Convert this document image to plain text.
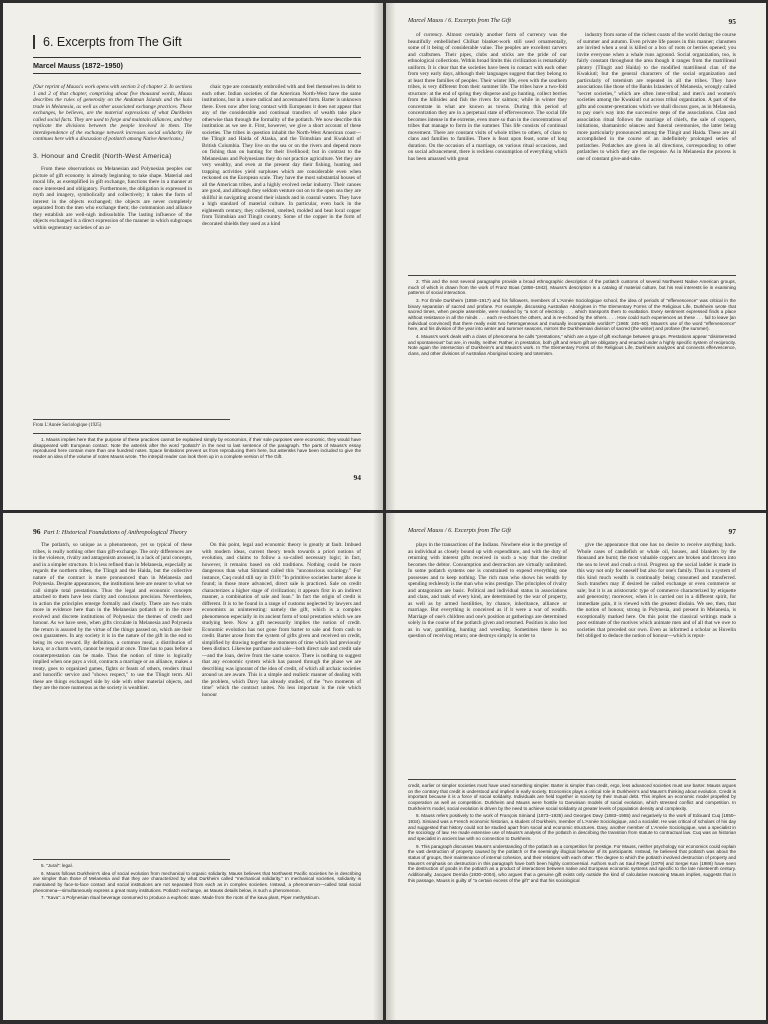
6. Excerpts from The Gift
Marcel Mauss (1872–1950)
[Our reprint of Mauss's work opens with section 3 of chapter 2. In sections 1 and 2 of that chapter, comprising about five thousand words, Mauss describes the rules of generosity on the Andaman Islands and the kula trade in Melanesia, as well as other associated exchange practices. These exchanges, he believes, are the material expressions of what Durkheim called social facts. They are used to forge and maintain alliances, and they replicate the divisions between the people involved in them. The interdependence of the exchange network increases social solidarity. He continues here with a discussion of potlatch among Native Americans.]
3. Honour and Credit (North-West America)

From these observations on Melanesian and Polynesian peoples our picture of gift economy is already beginning to take shape. Material and moral life, as exemplified in gift exchange, functions there in a manner at once interested and obligatory. Furthermore, the obligation is expressed in myth and imagery, symbolically and collectively; it takes the form of interest in the objects exchanged; the objects are never completely separated from the men who exchange them; the communion and alliance they establish are well-nigh indissoluble. The lasting influence of the objects exchanged is a direct expression of the manner in which subgroups within segmentary societies of an ar-

chaic type are constantly embroiled with and feel themselves in debt to each other. Indian societies of the American North-West have the same institutions, but in a more radical and accentuated form. Barter is unknown there. Even now after long contact with Europeans it does not appear that any of the considerable and continual transfers of wealth take place otherwise than through the formality of the potlatch. We now describe this institution as we see it. First, however, we give a short account of these societies. The tribes in question inhabit the North-West American coast—the Tlingit and Haida of Alaska, and the Tsimshian and Kwakiutl of British Columbia. They live on the sea or on the rivers and depend more on fishing than on hunting for their livelihood; but in contrast to the Melanesians and Polynesians they do not practice agriculture. Yet they are very wealthy, and even at the present day their fishing, hunting and trapping activities yield surpluses which are considerable even when reckoned on the European scale. They have the most substantial houses of all the American tribes, and a highly evolved cedar industry. Their canoes are good, and although they seldom venture out on to the open sea they are skillful in navigating around their islands and in coastal waters. They have a high standard of material culture. In particular, even back in the eighteenth century, they collected, smelted, molded and beat local copper from Tsimshian and Tlingit country. Some of the copper in the form of decorated shields they used as a kind

From L'Année Sociologique (1925)

1. Mauss implies here that the purpose of these practices cannot be explained simply by economics, if their sole purposes were economic, they would have disappeared with European contact. Note the asterisk after the word "potlatch" in the next to last sentence of the paragraph. The parts of Mauss's essay reproduced here contain more than one hundred notes. Space limitations prevent us from reproducing them here, but asterisks have been included to give the reader an idea of the volume of notes Mauss wrote. The intrepid reader can look them up in a complete version of The Gift.

94
Marcel Mauss / 6. Excerpts from The Gift	95

of currency. Almost certainly another form of currency was the beautifully embellished Chilkat blanket-work still used ornamentally, some of it being of considerable value. The peoples are excellent carvers and craftsmen. Their pipes, clubs and sticks are the pride of our ethnological collections. Within broad limits this civilization is remarkably uniform. It is clear that the societies have been in contact with each other from very early days, although their languages suggest that they belong to at least three families of peoples. Their winter life, even with the southern tribes, is very different from their summer life. The tribes have a two-fold structure: at the end of spring they disperse and go hunting, collect berries from the hillsides and fish the rivers for salmon; while in winter they concentrate in what are known as towns. During this period of concentration they are in a perpetual state of effervescence. The social life becomes intense in the extreme, even more so than in the concentrations of tribes that manage to form in the summer. This life consists of continual movement. There are constant visits of whole tribes to others, of clans to clans and families to families. There is feast upon feast, some of long duration. On the occasion of a marriage, on various ritual occasions, and on social advancement, there is reckless consumption of everything which has been amassed with great

industry from some of the richest coasts of the world during the course of summer and autumn. Even private life passes in this manner; clansmen are invited when a seal is killed or a box of roots or berries opened; you invite everyone when a whale runs aground. Social organization, too, is fairly constant throughout the area though it ranges from the matrilineal phratry (Tlingit and Haida) to the modified matrilineal clan of the Kwakiutl; but the general characters of the social organization and particularly of totemism are repeated in all the tribes. They have associations like those of the Banks Islanders of Melanesia, wrongly called "secret societies," which are often inter-tribal; and men's and women's societies among the Kwakiutl cut across tribal organization. A part of the gifts and counter-prestations which we shall discuss goes, as in Melanesia, to pay one's way into the successive steps of the associations. Clan and association ritual follows the marriage of chiefs, the sale of coppers, initiations, shamanistic séances and funeral ceremonies, the latter being more particularly pronounced among the Tlingit and Haida. These are all accomplished in the course of an indefinitely prolonged series of potlatches. Potlatches are given in all directions, corresponding to other potlatches to which they are the response. As in Melanesia the process is one of constant give-and-take.

2. This and the next several paragraphs provide a broad ethnographic description of the potlatch customs of several Northwest Native American groups, much of which is drawn from the work of Franz Boas (1858–1942). Mauss's description is a catalog of material culture, but his real interests lie in examining patterns of social interaction.

3. For Émile Durkheim (1858–1917) and his followers, members of L'Année Sociologique school, the idea of periods of "effervescence" was critical in the binary separation of sacred and profane. For example, discussing Australian Aborigines in The Elementary Forms of the Religious Life, Durkheim wrote that sacred times, when people assemble, were marked by "a sort of electricity . . . which transports them to exaltation. Every sentiment expressed finds a place without resistance in all the minds . . . each re-echoes the others, and is re-echoed by the others. . . . How could such experiences as these . . . fail to leave [an individual convinced] that there really exist two heterogeneous and mutually incomparable worlds?" (1965: 245–50). Mauss's use of the word "effervescence" here, and his division of the year into winter and summer seasons, mirrors the Durkheimian division of sacred (the winter) and profane (the summer).

4. Mauss's work deals with a class of phenomena he calls "prestations," which are a type of gift exchange between groups. Prestations appear "disinterested and spontaneous" but are, in reality, neither. Rather, in prestation, both gift and return gift are obligatory and enacted under a highly specific system of reciprocity. Note again the intersection of Durkheim's and Mauss's work. In The Elementary Forms of the Religious Life, Durkheim analyzes and connects effervescence, clans, and other divisions of Australian Aboriginal society and totemism.

96 Part I: Historical Foundations of Anthropological Theory

The potlatch, so unique as a phenomenon, yet so typical of these tribes, is really nothing other than gift-exchange. The only differences are in the violence, rivalry and antagonism aroused, in a lack of jural concepts, and in a simpler structure. It is less refined than in Melanesia, especially as regards the northern tribes, the Tlingit and the Haida, but the collective nature of the contract is more pronounced than in Melanesia and Polynesia. Despite appearances, the institutions here are nearer to what we call simple total prestations. Thus the legal and economic concepts attached to them have less clarity and conscious precision. Nevertheless, in action the principles emerge formally and clearly. There are two traits more in evidence here than in the Melanesian potlatch or in the more evolved and discrete institutions of Polynesia: the themes of credit and honour. As we have seen, when gifts circulate in Melanesia and Polynesia the return is assured by the virtue of the things passed on, which are their own guarantees. In any society it is in the nature of the gift in the end to being its own reward. By definition, a common meal, a distribution of kava, or a charm worn, cannot be repaid at once. Time has to pass before a counterprestation can be made. Thus the notion of time is logically implied when one pays a visit, contracts a marriage or an alliance, makes a treaty, goes to organized games, fights or feasts of others, renders ritual and honorific service and "shows respect," to use the Tlingit term. All these are things exchanged side by side with other material objects, and they are the more numerous as the society is wealthier.

On this point, legal and economic theory is greatly at fault. Imbued with modern ideas, current theory tends towards a priori notions of evolution, and claims to follow a so-called necessary logic; in fact, however, it remains based on old traditions. Nothing could be more dangerous than what Simiand called this "unconscious sociology." For instance, Cuq could still say in 1910: "In primitive societies barter alone is found; in those more advanced, direct sale is practiced. Sale on credit characterizes a higher stage of civilization; it appears first in an indirect manner, a combination of sale and loan." In fact the origin of credit is different. It is to be found in a range of customs neglected by lawyers and economists as uninteresting: namely the gift, which is a complex phenomenon especially in its ancient form of total prestation which we are studying here. Now a gift necessarily implies the notion of credit. Economic evolution has not gone from barter to sale and from cash to credit. Barter arose from the system of gifts given and received on credit, simplified by drawing together the moments of time which had previously been distinct. Likewise purchase and sale—both direct sale and credit sale—and the loan, derive from the same source. There is nothing to suggest that any economic system which has passed through the phase we are describing was ignorant of the idea of credit, of which all archaic societies around us are aware. This is a simple and realistic manner of dealing with the problem, which Davy has already studied, of the "two moments of time" which the contract unites. No less important is the role which honour

5. "Jural": legal.

6. Mauss follows Durkheim's idea of social evolution from mechanical to organic solidarity. Mauss believes that Northwest Pacific societies he is describing are simpler than those of Melanesia and that they are characterized by what Durkheim called "mechanical solidarity." In mechanical societies, solidarity is maintained by face-to-face contact and social institutions are not separated from each as in complex societies. Instead, a phenomenon—called total social phenomena—simultaneously express a great many institutions. Potlatch exchange, as Mauss details below, is such a phenomenon.

7. "Kava": a Polynesian ritual beverage consumed to produce a euphoric state. Made from the roots of the kava plant, Piper methysticum.

Marcel Mauss / 6. Excerpts from The Gift	97

plays in the transactions of the Indians. Nowhere else is the prestige of an individual as closely bound up with expenditure, and with the duty of returning with interest gifts received in such a way that the creditor becomes the debtor. Consumption and destruction are virtually unlimited. In some potlatch systems one is constrained to expend everything one possesses and to keep nothing. The rich man who shows his wealth by spending recklessly is the man who wins prestige. The principles of rivalry and antagonism are basic. Political and individual status in associations and clans, and rank of every kind, are determined by the war of property, as well as by armed hostilities, by chance, inheritance, alliance or marriage. But everything is conceived as if it were a war of wealth. Marriage of one's children and one's position at gatherings are determined solely in the course of the potlatch given and returned. Position is also lost as in war, gambling, hunting and wrestling. Sometimes there is no question of receiving return; one destroys simply in order to

give the appearance that one has no desire to receive anything back. Whole cases of candlefish or whale oil, houses, and blankets by the thousand are burnt; the most valuable coppers are broken and thrown into the sea to level and crush a rival. Progress up the social ladder is made in this way not only for oneself but also for one's family. Thus in a system of this kind much wealth is continually being consumed and transferred. Such transfers may if desired be called exchange or even commerce or sale; but it is an aristocratic type of commerce characterized by etiquette and generosity; moreover, when it is carried out in a different spirit, for immediate gain, it is viewed with the greatest disdain. We see, then, that the notion of honour, strong in Polynesia, and present in Melanesia, is exceptionally marked here. On this point the classical writings made a poor estimate of the motives which animate men and of all that we owe to societies that preceded our own. Even as informed a scholar as Huvelin felt obliged to deduce the notion of honour—which is reput-

credit, earlier or simpler societies must have used something simpler. Barter is simpler than credit, ergo, less advanced societies must use barter. Mauss argues on the contrary that credit is understood and implied in early society. Economics plays a critical role in Durkheim's and Mauss's thinking about evolution. Credit is important because it is a force of social solidarity. Individuals are held together in society by their mutual debt. This implies an economic model propelled by cooperation as well as competition. Durkheim and Mauss were hostile to Darwinian models of social evolution, which stressed conflict and competition. In Durkheim's model, social evolution is driven by the need to achieve social solidarity at greater levels of population density and complexity.

8. Mauss refers positively to the work of François Simiand (1873–1935) and Georges Davy (1883–1955) and negatively to the work of Edouard Cuq (1850–1934). Simiand was a French economic historian, a student of Durkheim, member of L'Année Sociologique, and a socialist. He was critical of scholars of his day and suggested that history could not be studied apart from social and economic structures. Davy, another member of L'Année Sociologique, was a specialist in the sociology of law. He made extensive use of Mauss's analysis of the potlatch in describing the transition from statute to contractual law. Cuq was an historian and specialist in ancient law with no connection to Durkheim.

9. This paragraph discusses Mauss's understanding of the potlatch as a competition for prestige. For Mauss, neither psychology nor economics could explain the vast destruction of property caused by the potlatch or the seemingly illogical behavior of its participants. Instead, he believed that potlatch was about the status of groups, their maintenance of internal cohesion, and their relations with each other. The degree to which the potlatch involved destruction of property and Mauss's emphasis on destruction in this paragraph have both been highly controversial. Authors such as Saul Riegel (1979) and Sergei Kan (1986) have seen the destruction of goods in the potlatch as a product of interactions between native and European economic systems and specific to the late nineteenth century. Additionally, Jacques Derrida (1930–2004), who argues that a genuine gift exists only outside the kind of calculative reasoning Mauss implies, suggests that in this passage, Mauss is guilty of "a certain excess of the gift" and that his sociological
